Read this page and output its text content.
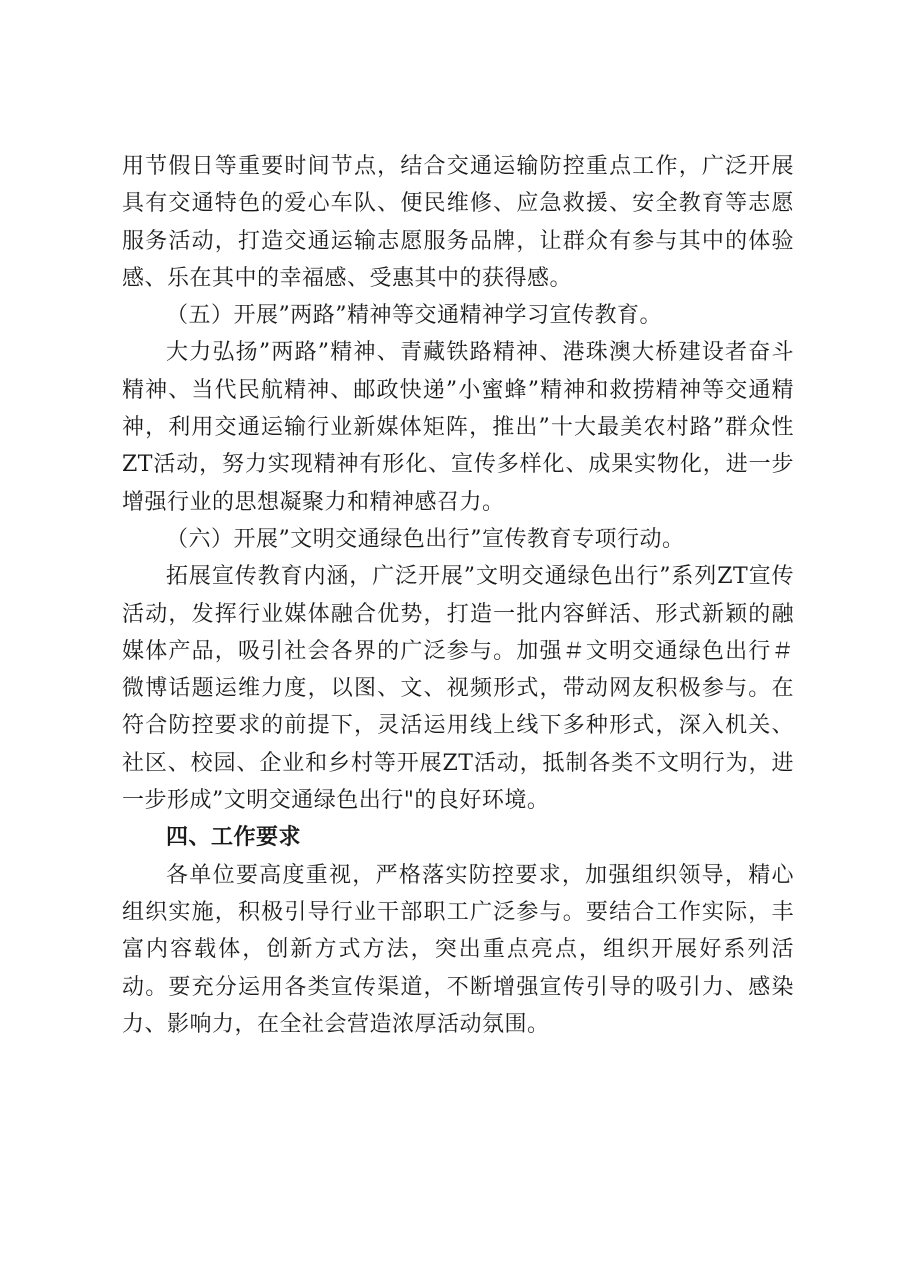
用节假日等重要时间节点，结合交通运输防控重点工作，广泛开展具有交通特色的爱心车队、便民维修、应急救援、安全教育等志愿服务活动，打造交通运输志愿服务品牌，让群众有参与其中的体验感、乐在其中的幸福感、受惠其中的获得感。

（五）开展”两路”精神等交通精神学习宣传教育。

大力弘扬”两路”精神、青藏铁路精神、港珠澳大桥建设者奋斗精神、当代民航精神、邮政快递”小蜜蜂”精神和救捞精神等交通精神，利用交通运输行业新媒体矩阵，推出”十大最美农村路”群众性ZT活动，努力实现精神有形化、宣传多样化、成果实物化，进一步增强行业的思想凝聚力和精神感召力。

（六）开展”文明交通绿色出行”宣传教育专项行动。

拓展宣传教育内涵，广泛开展”文明交通绿色出行”系列ZT宣传活动，发挥行业媒体融合优势，打造一批内容鲜活、形式新颖的融媒体产品，吸引社会各界的广泛参与。加强＃文明交通绿色出行＃微博话题运维力度，以图、文、视频形式，带动网友积极参与。在符合防控要求的前提下，灵活运用线上线下多种形式，深入机关、社区、校园、企业和乡村等开展ZT活动，抵制各类不文明行为，进一步形成”文明交通绿色出行"的良好环境。

四、工作要求

各单位要高度重视，严格落实防控要求，加强组织领导，精心组织实施，积极引导行业干部职工广泛参与。要结合工作实际，丰富内容载体，创新方式方法，突出重点亮点，组织开展好系列活动。要充分运用各类宣传渠道，不断增强宣传引导的吸引力、感染力、影响力，在全社会营造浓厚活动氛围。
